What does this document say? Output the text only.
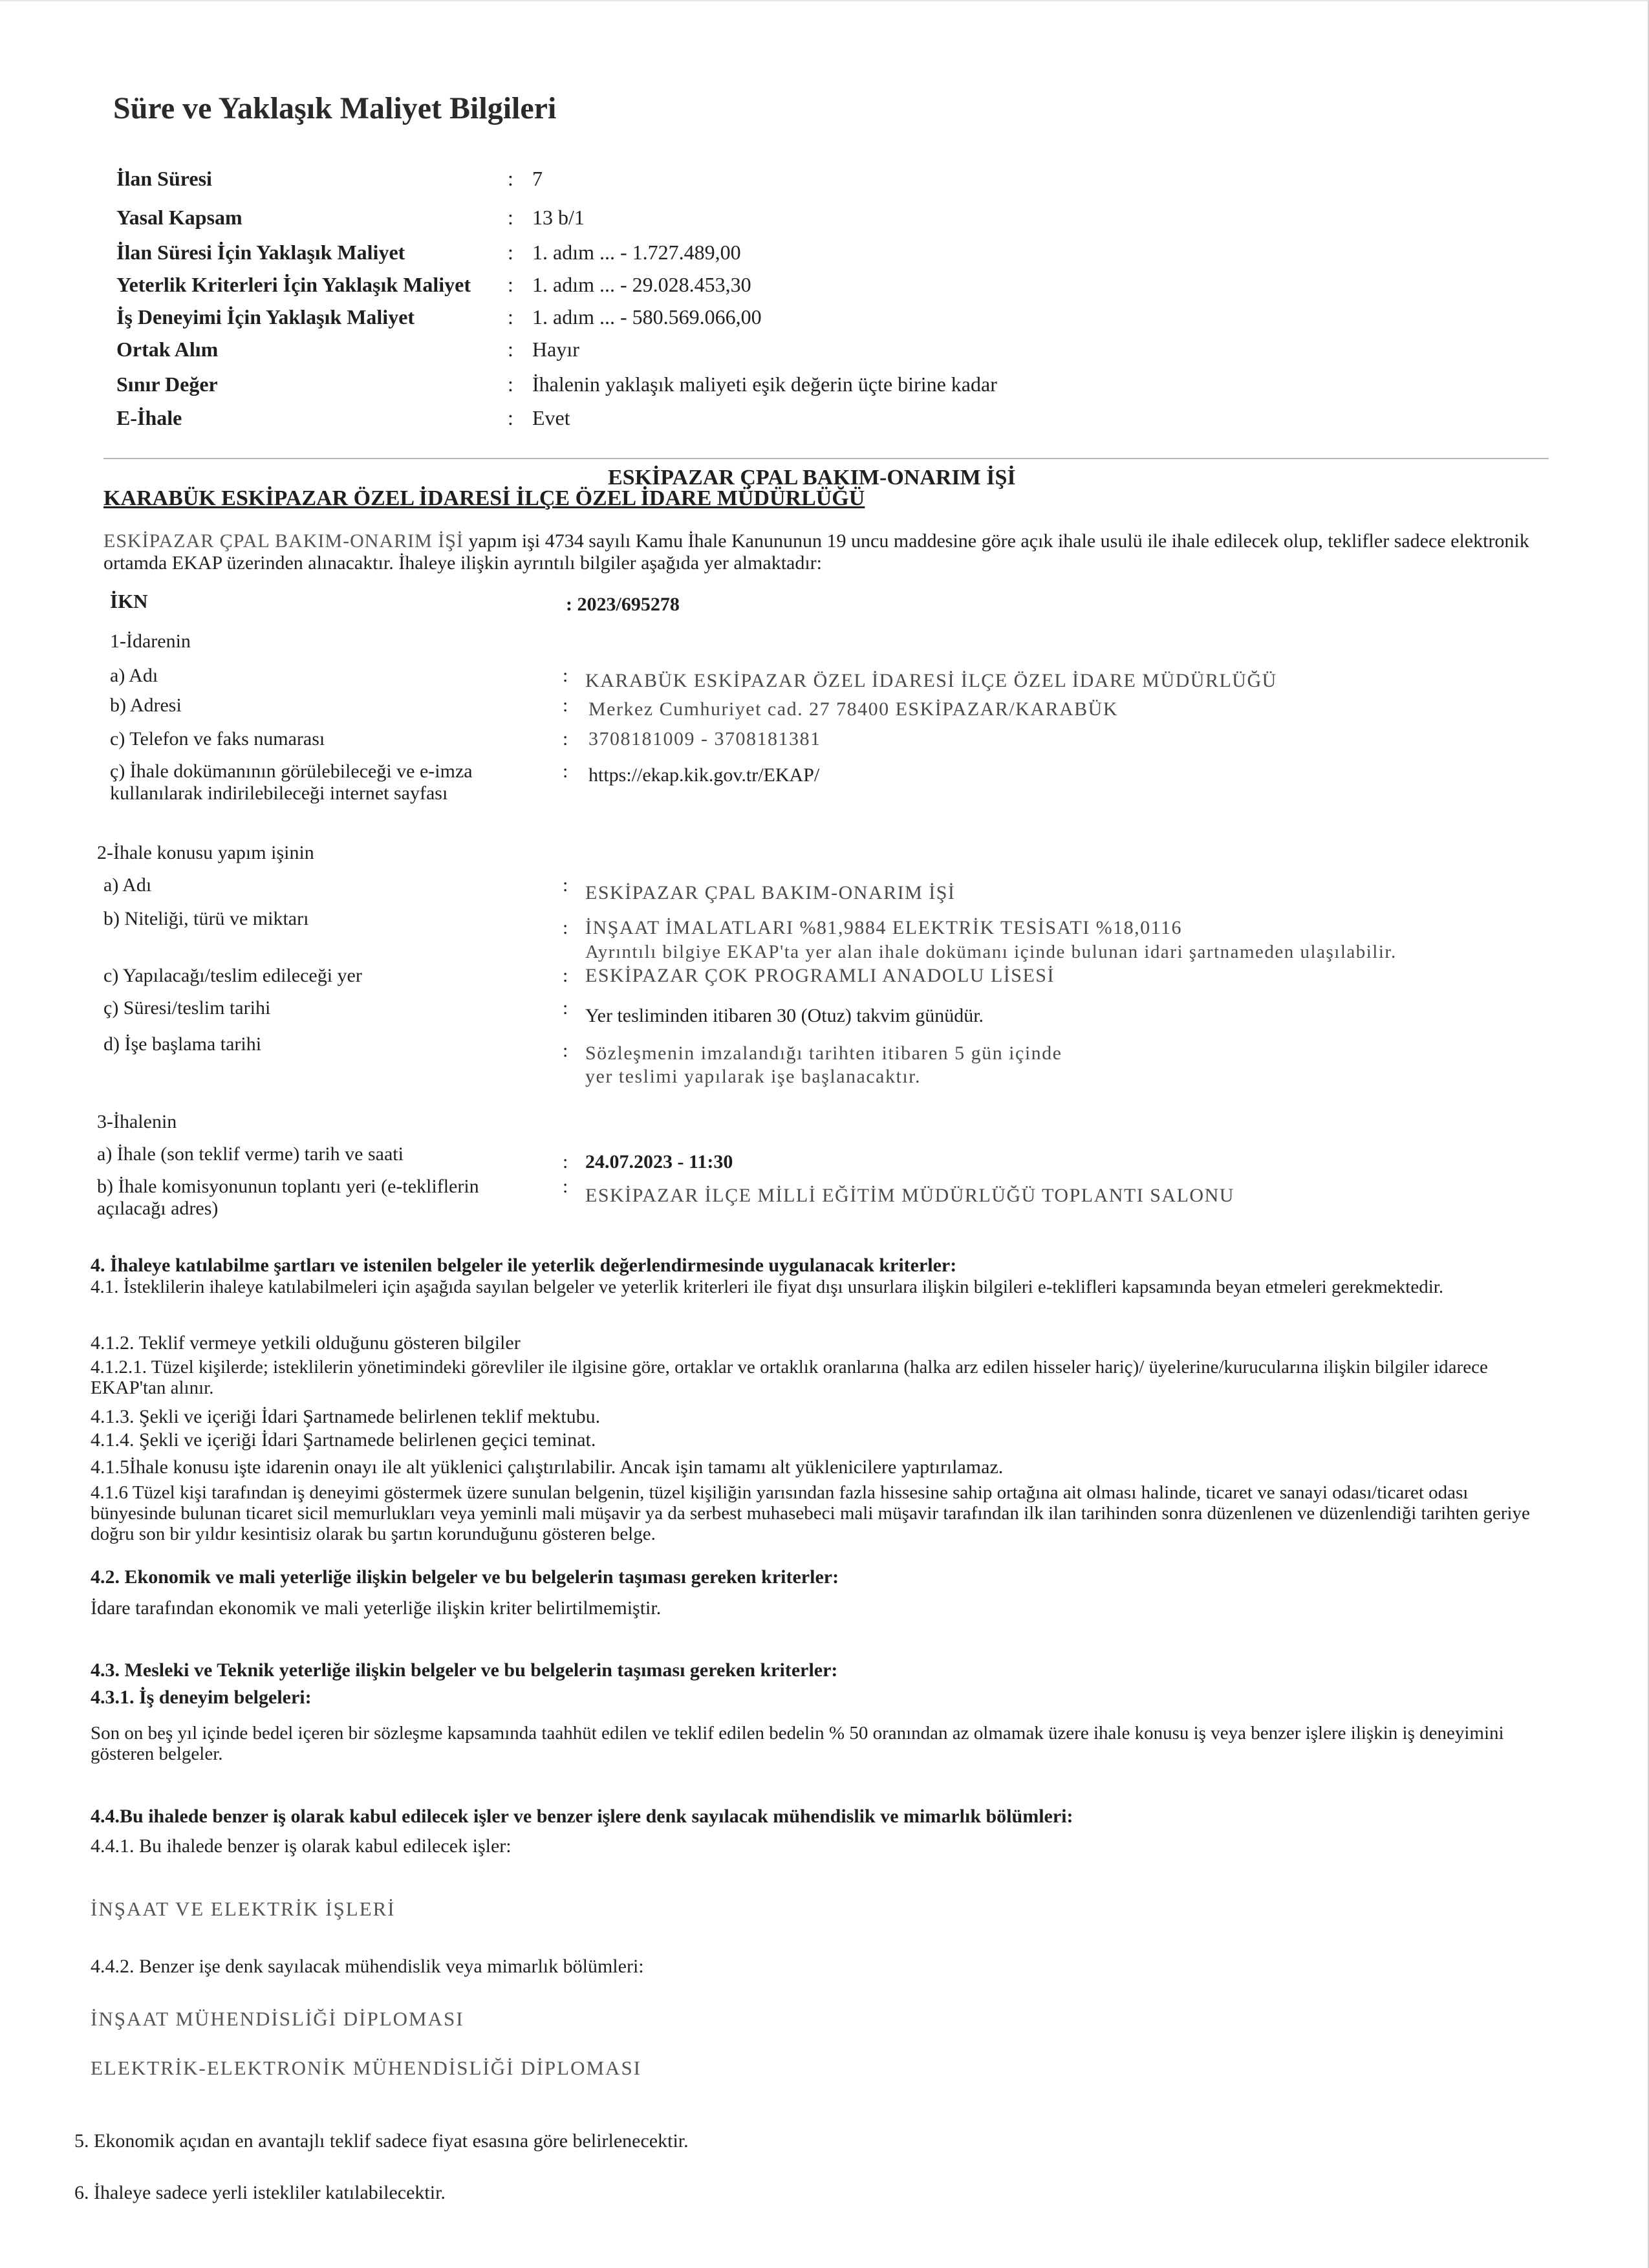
Süre ve Yaklaşık Maliyet Bilgileri
İlan Süresi	: 7
Yasal Kapsam	: 13 b/1
İlan Süresi İçin Yaklaşık Maliyet	: 1. adım ... - 1.727.489,00
Yeterlik Kriterleri İçin Yaklaşık Maliyet : 1. adım ... - 29.028.453,30
İş Deneyimi İçin Yaklaşık Maliyet	: 1. adım ... - 580.569.066,00
Ortak Alım	: Hayır
Sınır Değer	: İhalenin yaklaşık maliyeti eşik değerin üçte birine kadar
E-İhale	: Evet
ESKİPAZAR ÇPAL BAKIM-ONARIM İŞİ
KARABÜK ESKİPAZAR ÖZEL İDARESİ İLÇE ÖZEL İDARE MÜDÜRLÜĞÜ
ESKİPAZAR ÇPAL BAKIM-ONARIM İŞİ yapım işi 4734 sayılı Kamu İhale Kanununun 19 uncu maddesine göre açık ihale usulü ile ihale edilecek olup, teklifler sadece elektronik ortamda EKAP üzerinden alınacaktır. İhaleye ilişkin ayrıntılı bilgiler aşağıda yer almaktadır:
İKN	: 2023/695278
1-İdarenin
a) Adı	: KARABÜK ESKİPAZAR ÖZEL İDARESİ İLÇE ÖZEL İDARE MÜDÜRLÜĞÜ
b) Adresi	: Merkez Cumhuriyet cad. 27 78400 ESKİPAZAR/KARABÜK
c) Telefon ve faks numarası	: 3708181009 - 3708181381
ç) İhale dokümanının görülebileceği ve e-imza
kullanılarak indirilebileceği internet sayfası
: https://ekap.kik.gov.tr/EKAP/
2-İhale konusu yapım işinin
a) Adı	: ESKİPAZAR ÇPAL BAKIM-ONARIM İŞİ
b) Niteliği, türü ve miktarı	: İNŞAAT İMALATLARI %81,9884 ELEKTRİK TESİSATI %18,0116
Ayrıntılı bilgiye EKAP'ta yer alan ihale dokümanı içinde bulunan idari şartnameden ulaşılabilir.
c) Yapılacağı/teslim edileceği yer	: ESKİPAZAR ÇOK PROGRAMLI ANADOLU LİSESİ
ç) Süresi/teslim tarihi	: Yer tesliminden itibaren 30 (Otuz) takvim günüdür.
d) İşe başlama tarihi	: Sözleşmenin imzalandığı tarihten itibaren 5 gün içinde
yer teslimi yapılarak işe başlanacaktır.
3-İhalenin
a) İhale (son teklif verme) tarih ve saati	: 24.07.2023 - 11:30
b) İhale komisyonunun toplantı yeri (e-tekliflerin
açılacağı adres)
: ESKİPAZAR İLÇE MİLLİ EĞİTİM MÜDÜRLÜĞÜ TOPLANTI SALONU
4. İhaleye katılabilme şartları ve istenilen belgeler ile yeterlik değerlendirmesinde uygulanacak kriterler:
4.1. İsteklilerin ihaleye katılabilmeleri için aşağıda sayılan belgeler ve yeterlik kriterleri ile fiyat dışı unsurlara ilişkin bilgileri e-teklifleri kapsamında beyan etmeleri gerekmektedir.
4.1.2. Teklif vermeye yetkili olduğunu gösteren bilgiler
4.1.2.1. Tüzel kişilerde; isteklilerin yönetimindeki görevliler ile ilgisine göre, ortaklar ve ortaklık oranlarına (halka arz edilen hisseler hariç)/ üyelerine/kurucularına ilişkin bilgiler idarece EKAP'tan alınır.
4.1.3. Şekli ve içeriği İdari Şartnamede belirlenen teklif mektubu.
4.1.4. Şekli ve içeriği İdari Şartnamede belirlenen geçici teminat.
4.1.5İhale konusu işte idarenin onayı ile alt yüklenici çalıştırılabilir. Ancak işin tamamı alt yüklenicilere yaptırılamaz.
4.1.6 Tüzel kişi tarafından iş deneyimi göstermek üzere sunulan belgenin, tüzel kişiliğin yarısından fazla hissesine sahip ortağına ait olması halinde, ticaret ve sanayi odası/ticaret odası bünyesinde bulunan ticaret sicil memurlukları veya yeminli mali müşavir ya da serbest muhasebeci mali müşavir tarafından ilk ilan tarihinden sonra düzenlenen ve düzenlendiği tarihten geriye doğru son bir yıldır kesintisiz olarak bu şartın korunduğunu gösteren belge.
4.2. Ekonomik ve mali yeterliğe ilişkin belgeler ve bu belgelerin taşıması gereken kriterler:
İdare tarafından ekonomik ve mali yeterliğe ilişkin kriter belirtilmemiştir.
4.3. Mesleki ve Teknik yeterliğe ilişkin belgeler ve bu belgelerin taşıması gereken kriterler:
4.3.1. İş deneyim belgeleri:
Son on beş yıl içinde bedel içeren bir sözleşme kapsamında taahhüt edilen ve teklif edilen bedelin % 50 oranından az olmamak üzere ihale konusu iş veya benzer işlere ilişkin iş deneyimini gösteren belgeler.
4.4.Bu ihalede benzer iş olarak kabul edilecek işler ve benzer işlere denk sayılacak mühendislik ve mimarlık bölümleri:
4.4.1. Bu ihalede benzer iş olarak kabul edilecek işler:
İNŞAAT VE ELEKTRİK İŞLERİ
4.4.2. Benzer işe denk sayılacak mühendislik veya mimarlık bölümleri:
İNŞAAT MÜHENDİSLİĞİ DİPLOMASI
ELEKTRİK-ELEKTRONİK MÜHENDİSLİĞİ DİPLOMASI
5. Ekonomik açıdan en avantajlı teklif sadece fiyat esasına göre belirlenecektir.
6. İhaleye sadece yerli istekliler katılabilecektir.
